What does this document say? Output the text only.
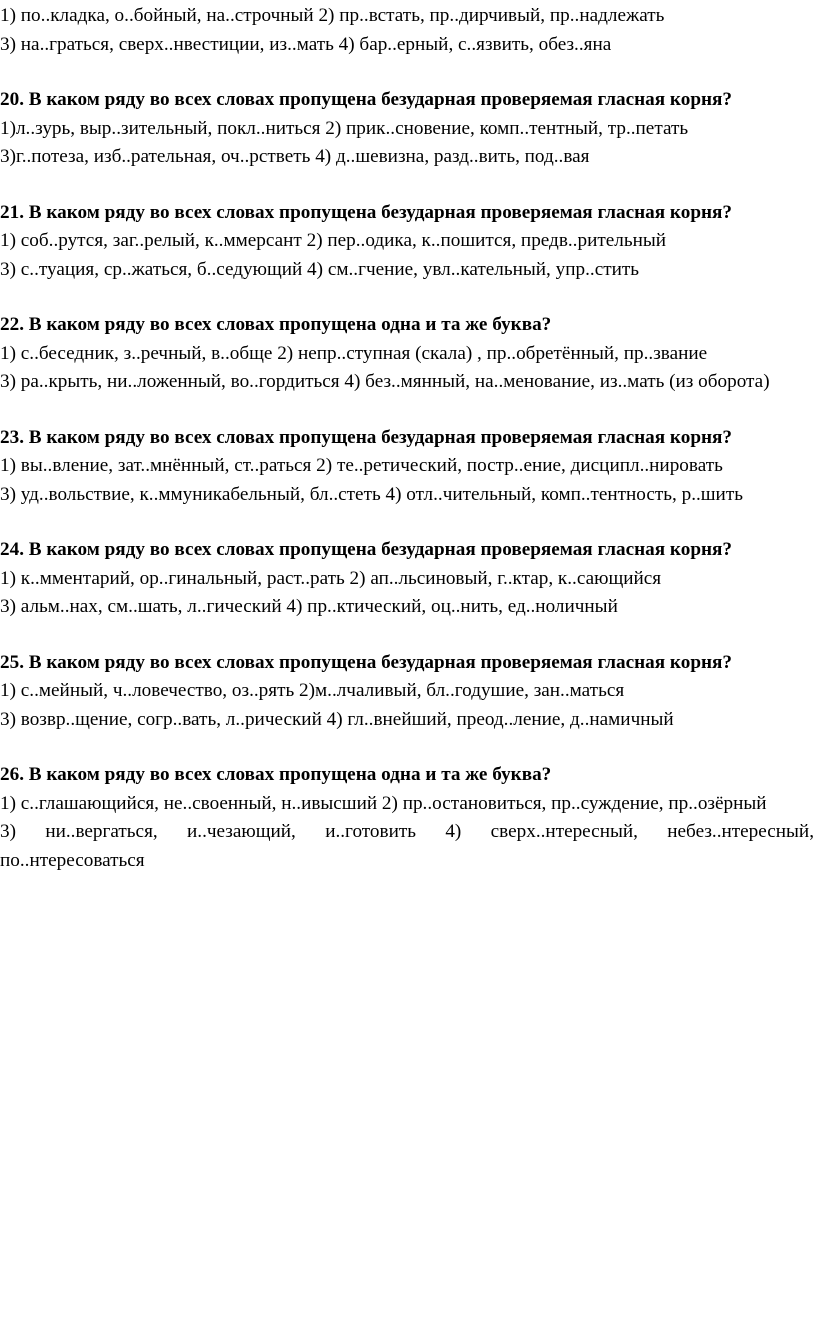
1) по..кладка, о..бойный, на..строчный 2) пр..встать, пр..дирчивый, пр..надлежать

3) на..граться, сверх..нвестиции, из..мать 4) бар..ерный, с..язвить, обез..яна

20. В каком ряду во всех словах пропущена безударная проверяемая гласная корня?

1)л..зурь, выр..зительный, покл..ниться 2) прик..сновение, комп..тентный, тр..петать

3)г..потеза, изб..рательная, оч..рстветь 4) д..шевизна, разд..вить, под..вая

21. В каком ряду во всех словах пропущена безударная проверяемая гласная корня?

1) соб..рутся, заг..релый, к..ммерсант 2) пер..одика, к..пошится, предв..рительный

3) с..туация, ср..жаться, б..седующий 4) см..гчение, увл..кательный, упр..стить

22. В каком ряду во всех словах пропущена одна и та же буква?

1) с..беседник, з..речный, в..обще 2) непр..ступная (скала) , пр..обретённый, пр..звание

3) ра..крыть, ни..ложенный, во..гордиться 4) без..мянный, на..менование, из..мать (из оборота)

23. В каком ряду во всех словах пропущена безударная проверяемая гласная корня?

1) вы..вление, зат..мнённый, ст..раться 2) те..ретический, постр..ение, дисципл..нировать

3) уд..вольствие, к..ммуникабельный, бл..стеть 4) отл..чительный, комп..тентность, р..шить

24. В каком ряду во всех словах пропущена безударная проверяемая гласная корня?

1) к..мментарий, ор..гинальный, раст..рать 2) ап..льсиновый, г..ктар, к..сающийся

3) альм..нах, см..шать, л..гический 4) пр..ктический, оц..нить, ед..ноличный

25. В каком ряду во всех словах пропущена безударная проверяемая гласная корня?

1) с..мейный, ч..ловечество, оз..рять 2)м..лчаливый, бл..годушие, зан..маться

3) возвр..щение, согр..вать, л..рический 4) гл..внейший, преод..ление, д..намичный

26. В каком ряду во всех словах пропущена одна и та же буква?

1) с..глашающийся, не..своенный, н..ивысший 2) пр..остановиться, пр..суждение, пр..озёрный

3) ни..вергаться, и..чезающий, и..готовить 4) сверх..нтересный, небез..нтересный, по..нтересоваться
